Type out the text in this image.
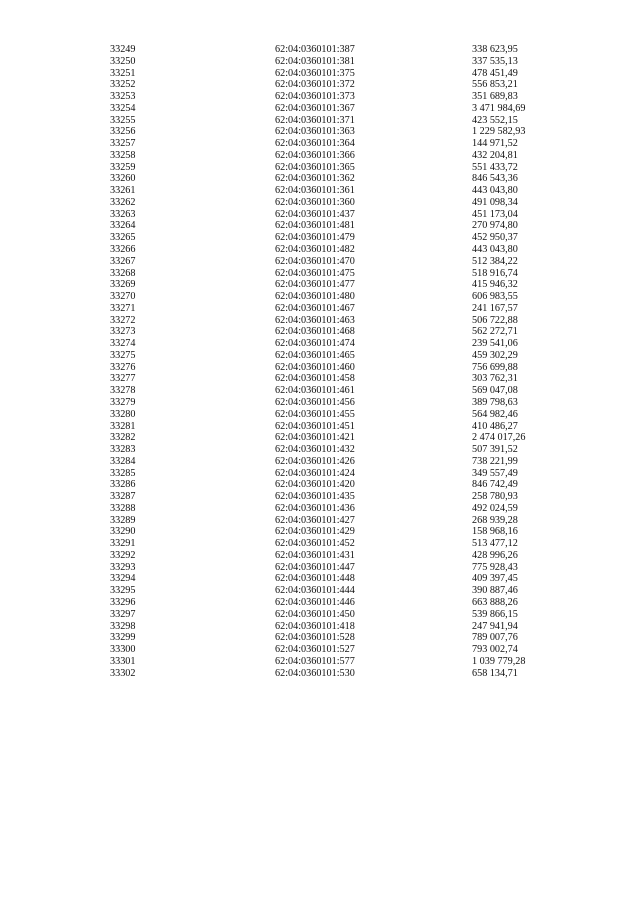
33249	62:04:0360101:387	338 623,95
33250	62:04:0360101:381	337 535,13
33251	62:04:0360101:375	478 451,49
33252	62:04:0360101:372	556 853,21
33253	62:04:0360101:373	351 689,83
33254	62:04:0360101:367	3 471 984,69
33255	62:04:0360101:371	423 552,15
33256	62:04:0360101:363	1 229 582,93
33257	62:04:0360101:364	144 971,52
33258	62:04:0360101:366	432 204,81
33259	62:04:0360101:365	551 433,72
33260	62:04:0360101:362	846 543,36
33261	62:04:0360101:361	443 043,80
33262	62:04:0360101:360	491 098,34
33263	62:04:0360101:437	451 173,04
33264	62:04:0360101:481	270 974,80
33265	62:04:0360101:479	452 950,37
33266	62:04:0360101:482	443 043,80
33267	62:04:0360101:470	512 384,22
33268	62:04:0360101:475	518 916,74
33269	62:04:0360101:477	415 946,32
33270	62:04:0360101:480	606 983,55
33271	62:04:0360101:467	241 167,57
33272	62:04:0360101:463	506 722,88
33273	62:04:0360101:468	562 272,71
33274	62:04:0360101:474	239 541,06
33275	62:04:0360101:465	459 302,29
33276	62:04:0360101:460	756 699,88
33277	62:04:0360101:458	303 762,31
33278	62:04:0360101:461	569 047,08
33279	62:04:0360101:456	389 798,63
33280	62:04:0360101:455	564 982,46
33281	62:04:0360101:451	410 486,27
33282	62:04:0360101:421	2 474 017,26
33283	62:04:0360101:432	507 391,52
33284	62:04:0360101:426	738 221,99
33285	62:04:0360101:424	349 557,49
33286	62:04:0360101:420	846 742,49
33287	62:04:0360101:435	258 780,93
33288	62:04:0360101:436	492 024,59
33289	62:04:0360101:427	268 939,28
33290	62:04:0360101:429	158 968,16
33291	62:04:0360101:452	513 477,12
33292	62:04:0360101:431	428 996,26
33293	62:04:0360101:447	775 928,43
33294	62:04:0360101:448	409 397,45
33295	62:04:0360101:444	390 887,46
33296	62:04:0360101:446	663 888,26
33297	62:04:0360101:450	539 866,15
33298	62:04:0360101:418	247 941,94
33299	62:04:0360101:528	789 007,76
33300	62:04:0360101:527	793 002,74
33301	62:04:0360101:577	1 039 779,28
33302	62:04:0360101:530	658 134,71
